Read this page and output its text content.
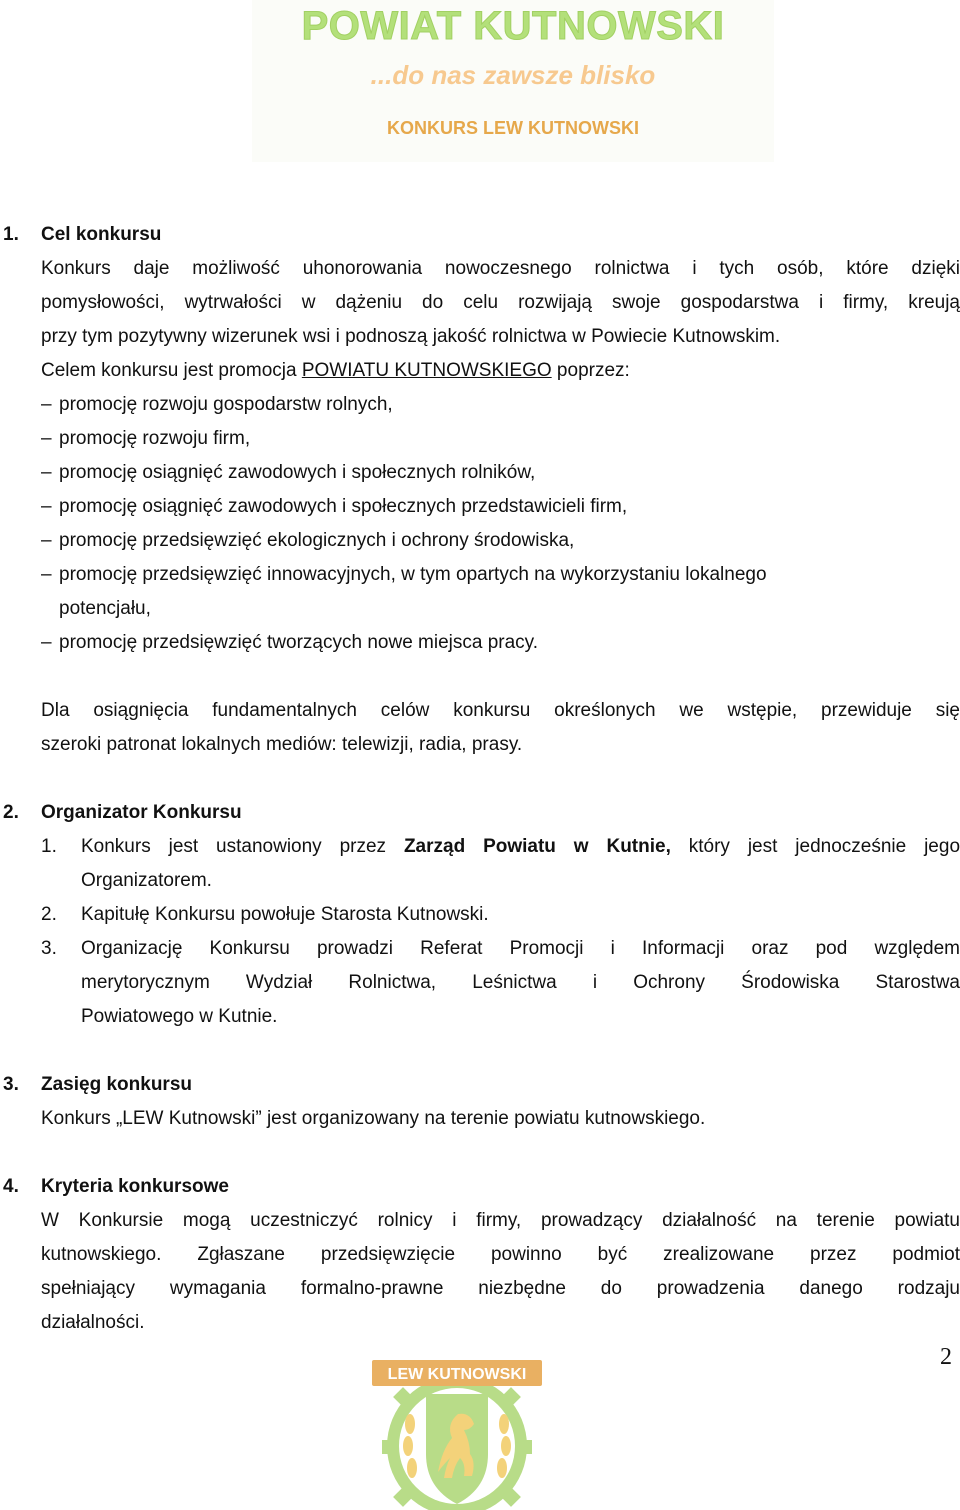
POWIAT KUTNOWSKI
...do nas zawsze blisko
KONKURS LEW KUTNOWSKI
1. Cel konkursu
Konkurs daje możliwość uhonorowania nowoczesnego rolnictwa i tych osób, które dzięki
pomysłowości, wytrwałości w dążeniu do celu rozwijają swoje gospodarstwa i firmy, kreują
przy tym pozytywny wizerunek wsi i podnoszą jakość rolnictwa w Powiecie Kutnowskim.
Celem konkursu jest promocja POWIATU KUTNOWSKIEGO poprzez:
– promocję rozwoju gospodarstw rolnych,
– promocję rozwoju firm,
– promocję osiągnięć zawodowych i społecznych rolników,
– promocję osiągnięć zawodowych i społecznych przedstawicieli firm,
– promocję przedsięwzięć ekologicznych i ochrony środowiska,
– promocję przedsięwzięć innowacyjnych, w tym opartych na wykorzystaniu lokalnego
potencjału,
– promocję przedsięwzięć tworzących nowe miejsca pracy.
Dla osiągnięcia fundamentalnych celów konkursu określonych we wstępie, przewiduje się
szeroki patronat lokalnych mediów: telewizji, radia, prasy.
2. Organizator Konkursu
1. Konkurs jest ustanowiony przez Zarząd Powiatu w Kutnie, który jest jednocześnie jego
Organizatorem.
2. Kapitułę Konkursu powołuje Starosta Kutnowski.
3. Organizację Konkursu prowadzi Referat Promocji i Informacji oraz pod względem
merytorycznym Wydział Rolnictwa, Leśnictwa i Ochrony Środowiska Starostwa
Powiatowego w Kutnie.
3. Zasięg konkursu
Konkurs „LEW Kutnowski” jest organizowany na terenie powiatu kutnowskiego.
4. Kryteria konkursowe
W Konkursie mogą uczestniczyć rolnicy i firmy, prowadzący działalność na terenie powiatu
kutnowskiego. Zgłaszane przedsięwzięcie powinno być zrealizowane przez podmiot
spełniający wymagania formalno-prawne niezbędne do prowadzenia danego rodzaju
działalności.
2
LEW KUTNOWSKI
